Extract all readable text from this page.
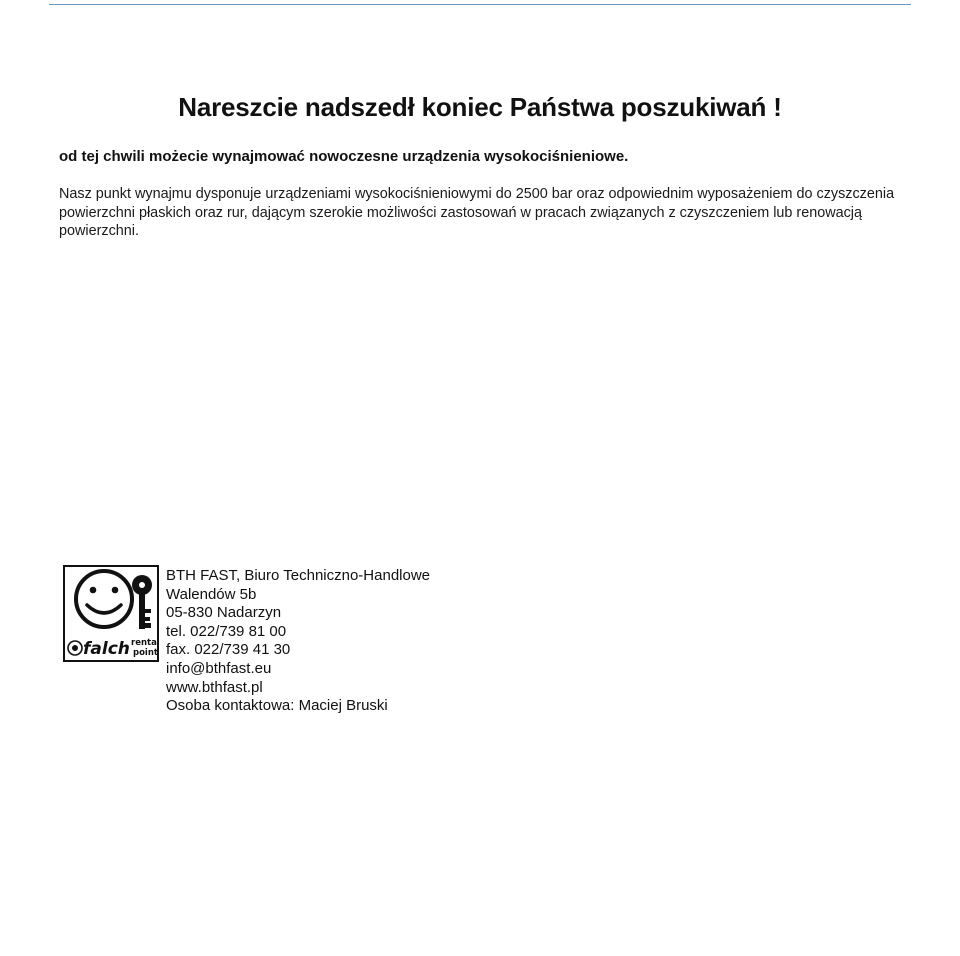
Nareszcie nadszedł koniec Państwa poszukiwań !

od tej chwili możecie wynajmować nowoczesne urządzenia wysokociśnieniowe.

Nasz punkt wynajmu dysponuje urządzeniami wysokociśnieniowymi do 2500 bar oraz odpowiednim wyposażeniem do czyszczenia powierzchni płaskich oraz rur, dającym szerokie możliwości zastosowań w pracach związanych z czyszczeniem lub renowacją powierzchni.

falch rental
point
BTH FAST, Biuro Techniczno-Handlowe
Walendów 5b
05-830 Nadarzyn
tel. 022/739 81 00
fax. 022/739 41 30
info@bthfast.eu
www.bthfast.pl
Osoba kontaktowa: Maciej Bruski
